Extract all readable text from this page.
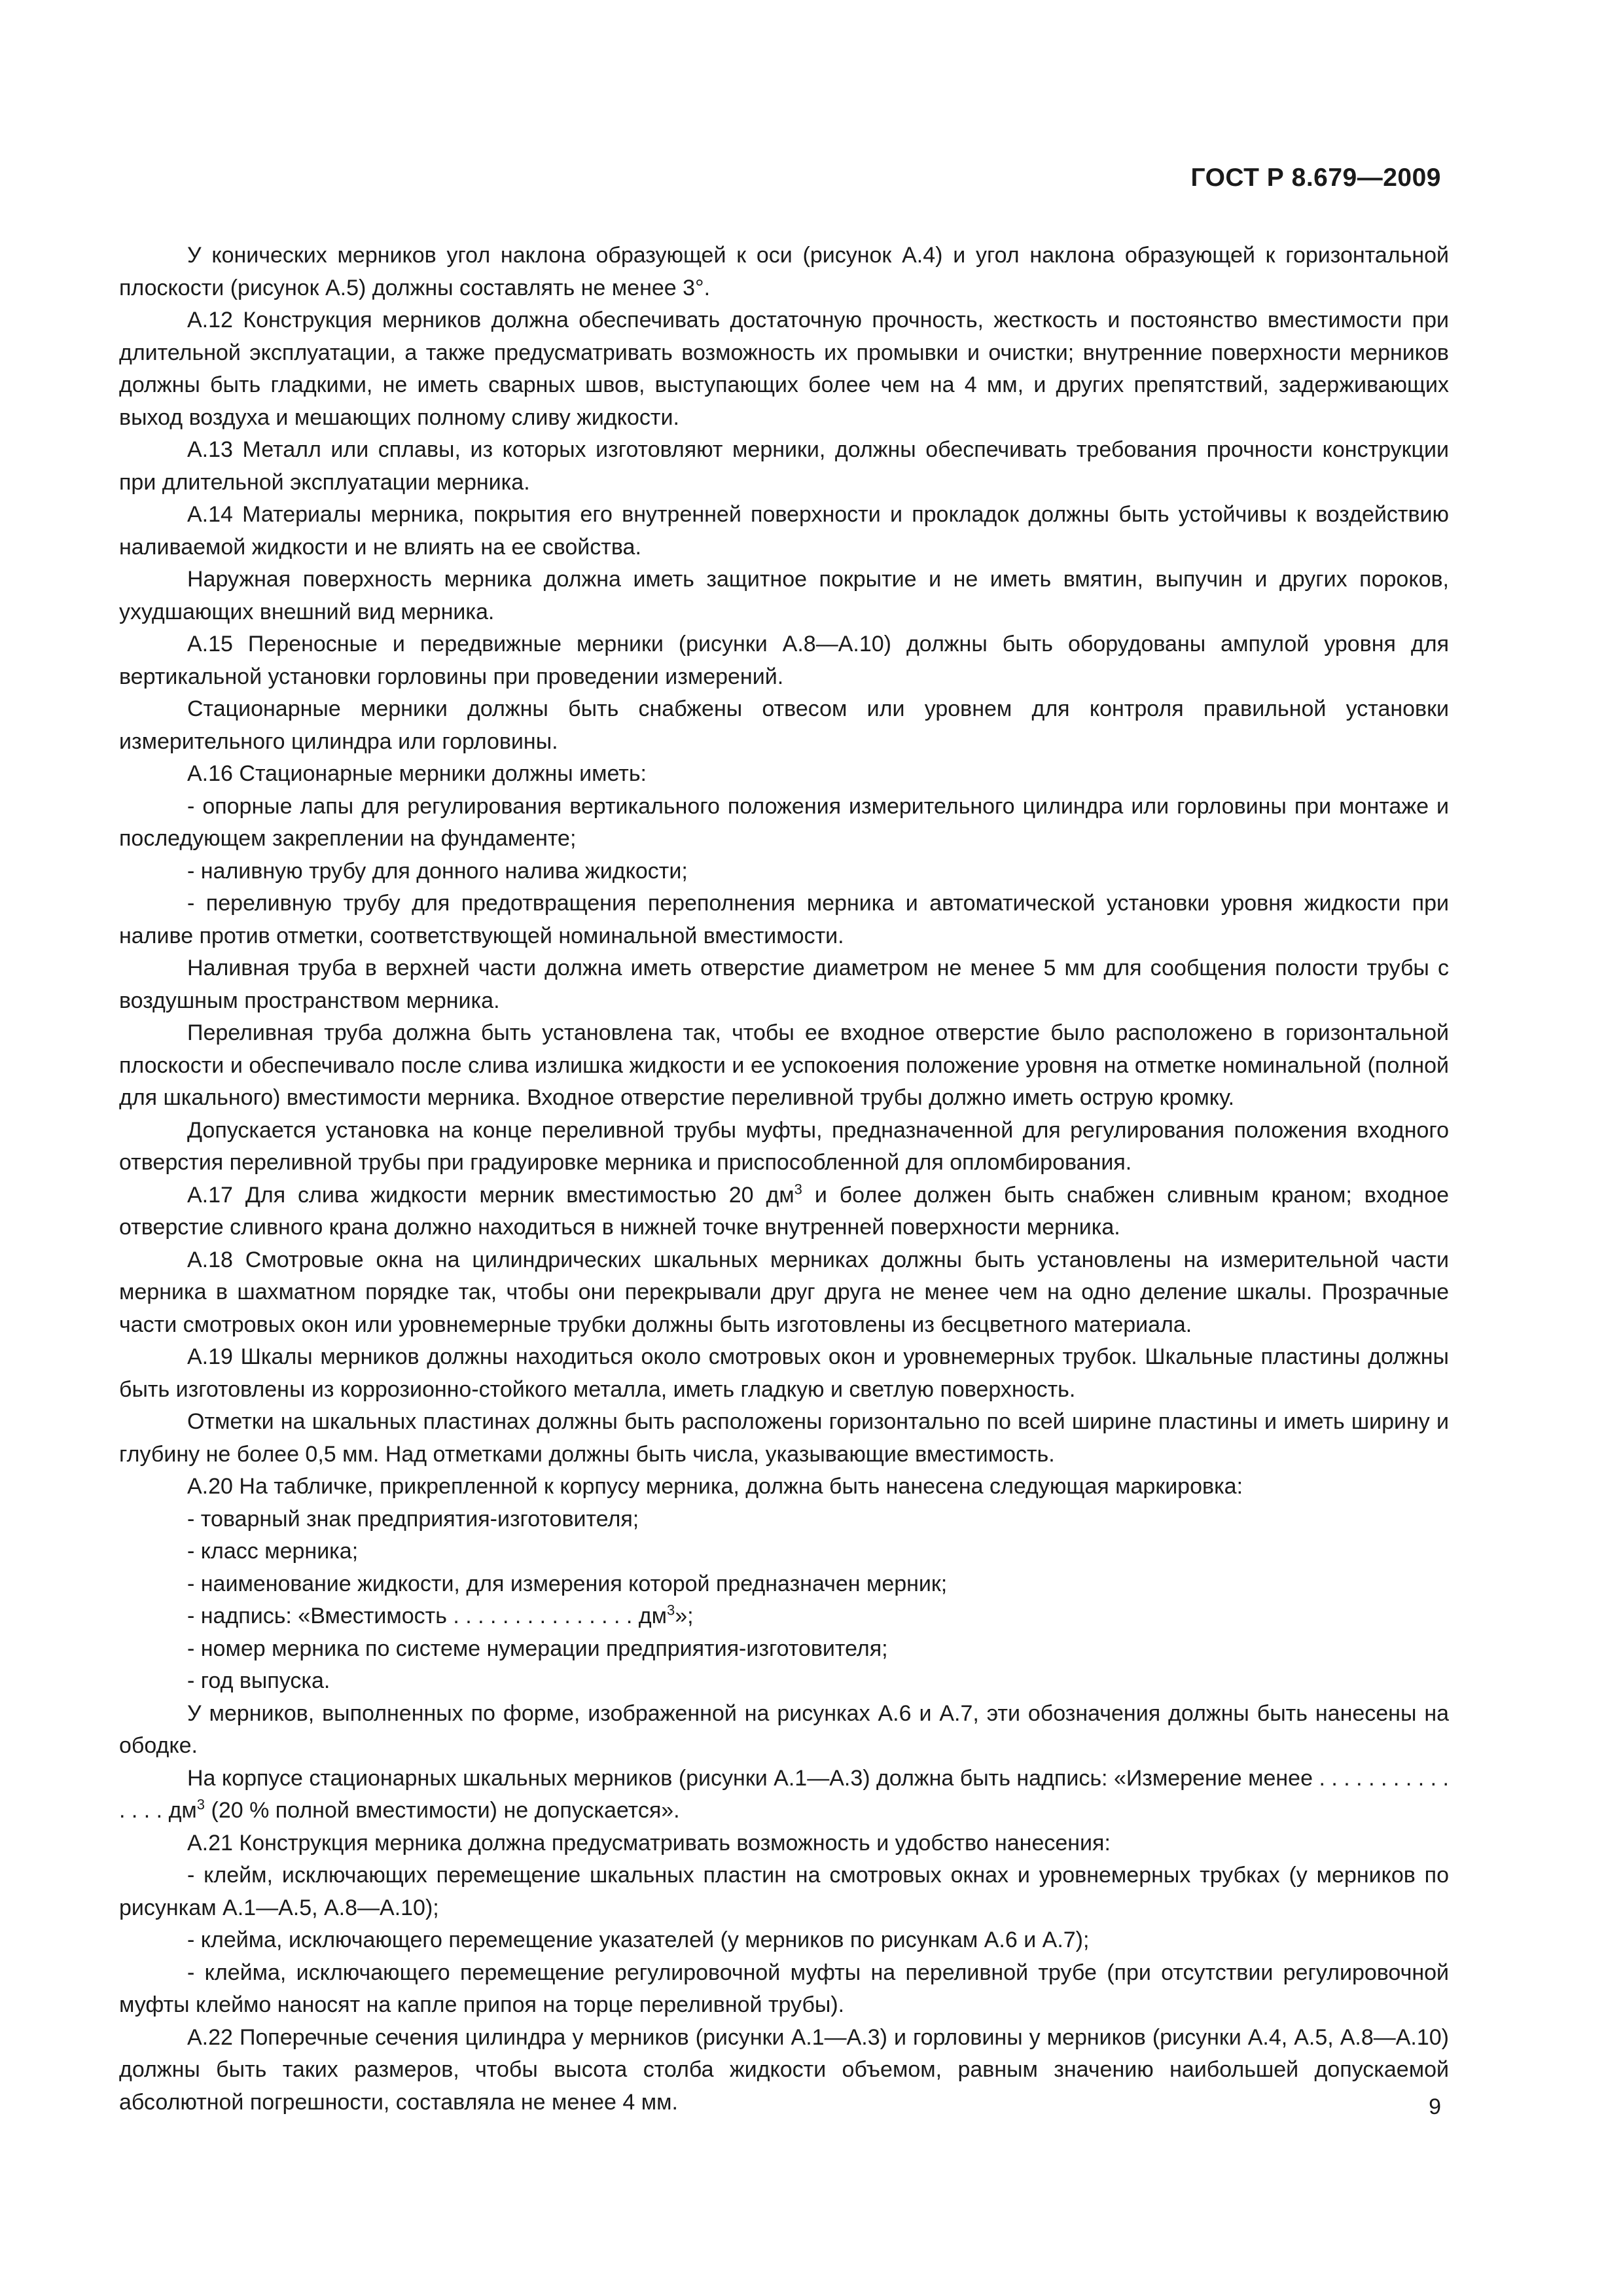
ГОСТ Р 8.679—2009

У конических мерников угол наклона образующей к оси (рисунок А.4) и угол наклона образующей к горизонтальной плоскости (рисунок А.5) должны составлять не менее 3°.

А.12 Конструкция мерников должна обеспечивать достаточную прочность, жесткость и постоянство вместимости при длительной эксплуатации, а также предусматривать возможность их промывки и очистки; внутренние поверхности мерников должны быть гладкими, не иметь сварных швов, выступающих более чем на 4 мм, и других препятствий, задерживающих выход воздуха и мешающих полному сливу жидкости.

А.13 Металл или сплавы, из которых изготовляют мерники, должны обеспечивать требования прочности конструкции при длительной эксплуатации мерника.

А.14 Материалы мерника, покрытия его внутренней поверхности и прокладок должны быть устойчивы к воздействию наливаемой жидкости и не влиять на ее свойства.

Наружная поверхность мерника должна иметь защитное покрытие и не иметь вмятин, выпучин и других пороков, ухудшающих внешний вид мерника.

А.15 Переносные и передвижные мерники (рисунки А.8—А.10) должны быть оборудованы ампулой уровня для вертикальной установки горловины при проведении измерений.

Стационарные мерники должны быть снабжены отвесом или уровнем для контроля правильной установки измерительного цилиндра или горловины.

А.16 Стационарные мерники должны иметь:

- опорные лапы для регулирования вертикального положения измерительного цилиндра или горловины при монтаже и последующем закреплении на фундаменте;

- наливную трубу для донного налива жидкости;

- переливную трубу для предотвращения переполнения мерника и автоматической установки уровня жидкости при наливе против отметки, соответствующей номинальной вместимости.

Наливная труба в верхней части должна иметь отверстие диаметром не менее 5 мм для сообщения полости трубы с воздушным пространством мерника.

Переливная труба должна быть установлена так, чтобы ее входное отверстие было расположено в горизонтальной плоскости и обеспечивало после слива излишка жидкости и ее успокоения положение уровня на отметке номинальной (полной для шкального) вместимости мерника. Входное отверстие переливной трубы должно иметь острую кромку.

Допускается установка на конце переливной трубы муфты, предназначенной для регулирования положения входного отверстия переливной трубы при градуировке мерника и приспособленной для опломбирования.

А.17 Для слива жидкости мерник вместимостью 20 $дм^3$ и более должен быть снабжен сливным краном; входное отверстие сливного крана должно находиться в нижней точке внутренней поверхности мерника.

А.18 Смотровые окна на цилиндрических шкальных мерниках должны быть установлены на измерительной части мерника в шахматном порядке так, чтобы они перекрывали друг друга не менее чем на одно деление шкалы. Прозрачные части смотровых окон или уровнемерные трубки должны быть изготовлены из бесцветного материала.

А.19 Шкалы мерников должны находиться около смотровых окон и уровнемерных трубок. Шкальные пластины должны быть изготовлены из коррозионно-стойкого металла, иметь гладкую и светлую поверхность.

Отметки на шкальных пластинах должны быть расположены горизонтально по всей ширине пластины и иметь ширину и глубину не более 0,5 мм. Над отметками должны быть числа, указывающие вместимость.

А.20 На табличке, прикрепленной к корпусу мерника, должна быть нанесена следующая маркировка:

- товарный знак предприятия-изготовителя;

- класс мерника;

- наименование жидкости, для измерения которой предназначен мерник;

- надпись: «Вместимость . . . . . . . . . . . . . . . $дм^3$»;

- номер мерника по системе нумерации предприятия-изготовителя;

- год выпуска.

У мерников, выполненных по форме, изображенной на рисунках А.6 и А.7, эти обозначения должны быть нанесены на ободке.

На корпусе стационарных шкальных мерников (рисунки А.1—А.3) должна быть надпись: «Измерение менее . . . . . . . . . . . . . . . $дм^3$ (20 % полной вместимости) не допускается».

А.21 Конструкция мерника должна предусматривать возможность и удобство нанесения:

- клейм, исключающих перемещение шкальных пластин на смотровых окнах и уровнемерных трубках (у мерников по рисункам А.1—А.5, А.8—А.10);

- клейма, исключающего перемещение указателей (у мерников по рисункам А.6 и А.7);

- клейма, исключающего перемещение регулировочной муфты на переливной трубе (при отсутствии регулировочной муфты клеймо наносят на капле припоя на торце переливной трубы).

А.22 Поперечные сечения цилиндра у мерников (рисунки А.1—А.3) и горловины у мерников (рисунки А.4, А.5, А.8—А.10) должны быть таких размеров, чтобы высота столба жидкости объемом, равным значению наибольшей допускаемой абсолютной погрешности, составляла не менее 4 мм.	9
